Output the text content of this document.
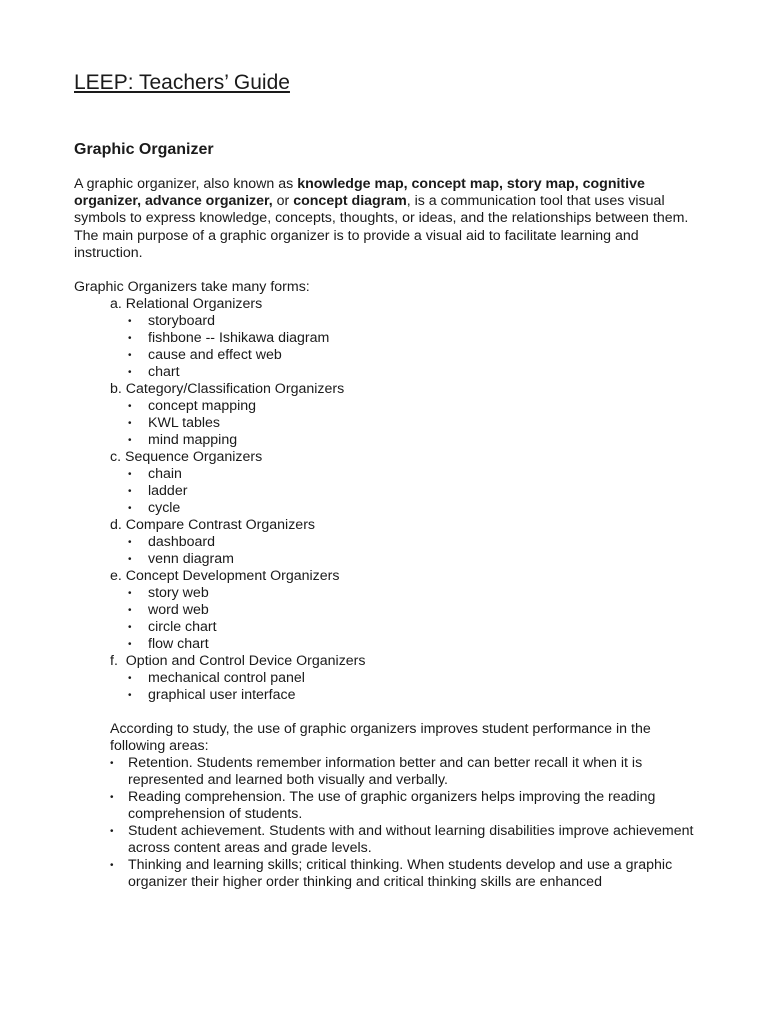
LEEP: Teachers’ Guide
Graphic Organizer

A graphic organizer, also known as knowledge map, concept map, story map, cognitive organizer, advance organizer, or concept diagram, is a communication tool that uses visual symbols to express knowledge, concepts, thoughts, or ideas, and the relationships between them. The main purpose of a graphic organizer is to provide a visual aid to facilitate learning and instruction.

Graphic Organizers take many forms:

a. Relational Organizers
• storyboard
• fishbone -- Ishikawa diagram
• cause and effect web
• chart
b. Category/Classification Organizers
• concept mapping
• KWL tables
• mind mapping
c. Sequence Organizers
• chain
• ladder
• cycle
d. Compare Contrast Organizers
• dashboard
• venn diagram
e. Concept Development Organizers
• story web
• word web
• circle chart
• flow chart
f.  Option and Control Device Organizers
• mechanical control panel
• graphical user interface

According to study, the use of graphic organizers improves student performance in the following areas:

• Retention. Students remember information better and can better recall it when it is represented and learned both visually and verbally.
• Reading comprehension. The use of graphic organizers helps improving the reading comprehension of students.
• Student achievement. Students with and without learning disabilities improve achievement across content areas and grade levels.
• Thinking and learning skills; critical thinking. When students develop and use a graphic organizer their higher order thinking and critical thinking skills are enhanced
